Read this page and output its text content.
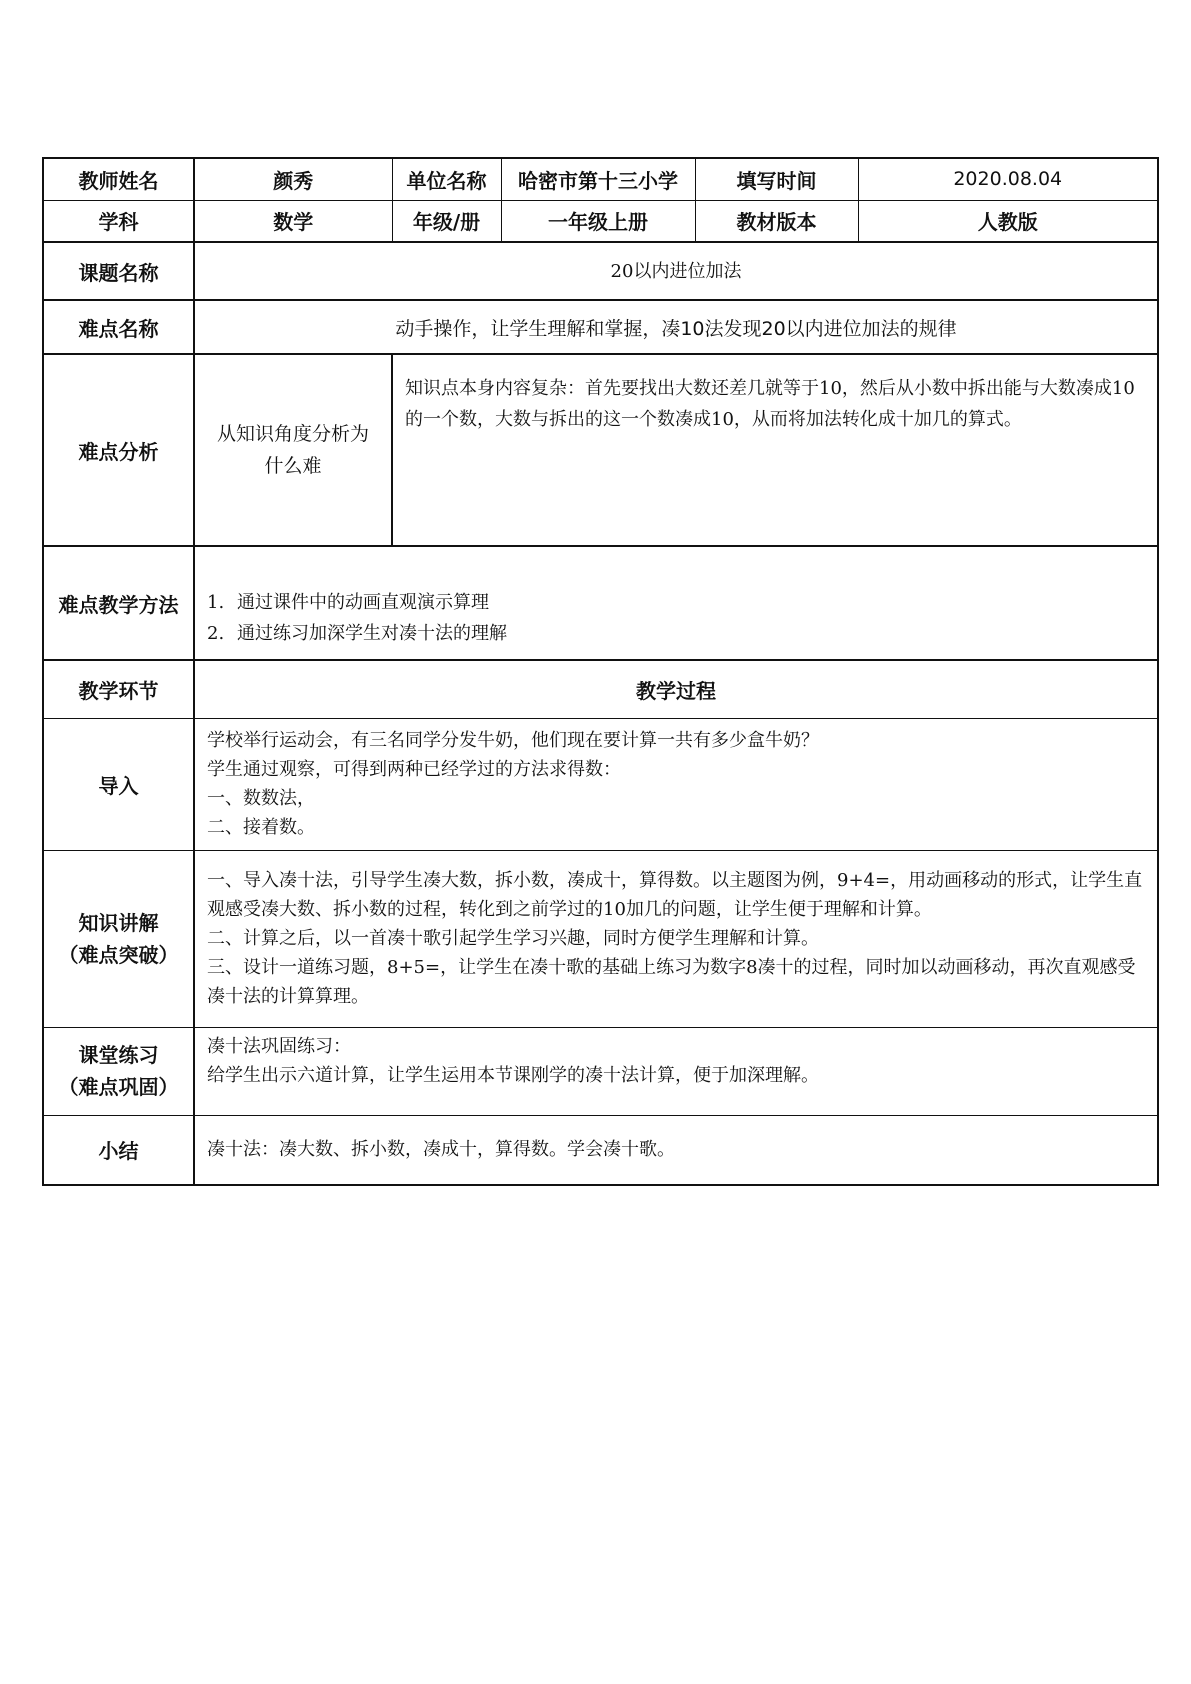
教师姓名	颜秀	单位名称	哈密市第十三小学	填写时间	2020.08.04
学科	数学	年级/册	一年级上册	教材版本	人教版
课题名称	20以内进位加法				
难点名称	动手操作，让学生理解和掌握，凑10法发现20以内进位加法的规律				
难点分析	从知识角度分析为什么难	知识点本身内容复杂：首先要找出大数还差几就等于10，然后从小数中拆出能与大数凑成10的一个数，大数与拆出的这一个数凑成10，从而将加法转化成十加几的算式。			
难点教学方法	1. 通过课件中的动画直观演示算理
2. 通过练习加深学生对凑十法的理解				

教学环节	教学过程				
导入	学校举行运动会，有三名同学分发牛奶，他们现在要计算一共有多少盒牛奶？
学生通过观察，可得到两种已经学过的方法求得数：
一、数数法，
二、接着数。				

知识讲解
（难点突破）	一、导入凑十法，引导学生凑大数，拆小数，凑成十，算得数。以主题图为例，9+4=，用动画移动的形式，让学生直观感受凑大数、拆小数的过程，转化到之前学过的10加几的问题，让学生便于理解和计算。
二、计算之后，以一首凑十歌引起学生学习兴趣，同时方便学生理解和计算。
三、设计一道练习题，8+5=，让学生在凑十歌的基础上练习为数字8凑十的过程，同时加以动画移动，再次直观感受凑十法的计算算理。				

课堂练习
（难点巩固）	凑十法巩固练习：
给学生出示六道计算，让学生运用本节课刚学的凑十法计算，便于加深理解。				

小结	凑十法：凑大数、拆小数，凑成十，算得数。学会凑十歌。				
